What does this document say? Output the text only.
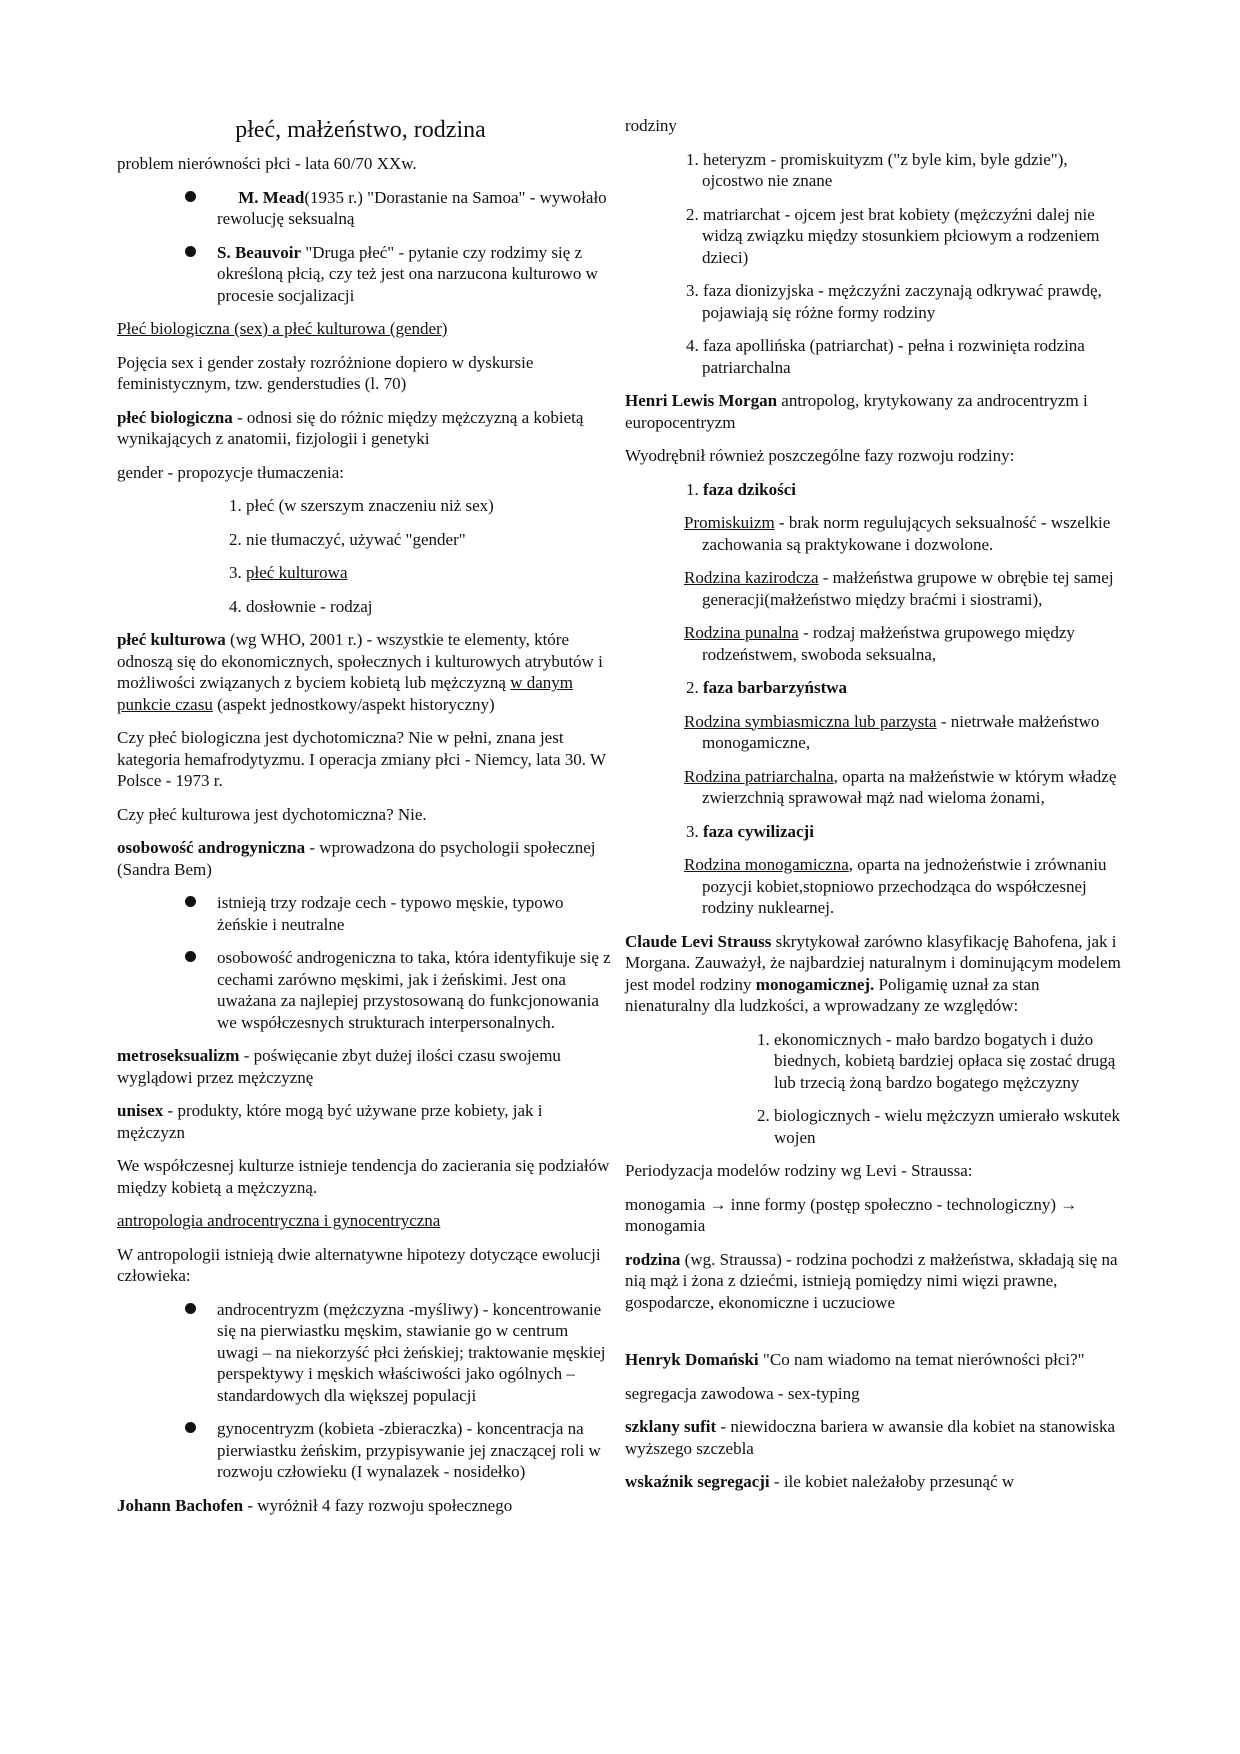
płeć, małżeństwo, rodzina

problem nierówności płci - lata 60/70 XXw.

M. Mead(1935 r.) "Dorastanie na Samoa" - wywołało rewolucję seksualną
S. Beauvoir "Druga płeć" - pytanie czy rodzimy się z określoną płcią, czy też jest ona narzucona kulturowo w procesie socjalizacji

Płeć biologiczna (sex) a płeć kulturowa (gender)

Pojęcia sex i gender zostały rozróżnione dopiero w dyskursie feministycznym, tzw. genderstudies (l. 70)

płeć biologiczna - odnosi się do różnic między mężczyzną a kobietą wynikających z anatomii, fizjologii i genetyki

gender - propozycje tłumaczenia:

1. płeć (w szerszym znaczeniu niż sex)

2. nie tłumaczyć, używać "gender"

3. płeć kulturowa

4. dosłownie - rodzaj

płeć kulturowa (wg WHO, 2001 r.) - wszystkie te elementy, które odnoszą się do ekonomicznych, społecznych i kulturowych atrybutów i możliwości związanych z byciem kobietą lub mężczyzną w danym punkcie czasu (aspekt jednostkowy/aspekt historyczny)

Czy płeć biologiczna jest dychotomiczna? Nie w pełni, znana jest kategoria hemafrodytyzmu. I operacja zmiany płci - Niemcy, lata 30. W Polsce - 1973 r.

Czy płeć kulturowa jest dychotomiczna? Nie.

osobowość androgyniczna - wprowadzona do psychologii społecznej (Sandra Bem)

istnieją trzy rodzaje cech - typowo męskie, typowo żeńskie i neutralne
osobowość androgeniczna to taka, która identyfikuje się z cechami zarówno męskimi, jak i żeńskimi. Jest ona uważana za najlepiej przystosowaną do funkcjonowania we współczesnych strukturach interpersonalnych.

metroseksualizm - poświęcanie zbyt dużej ilości czasu swojemu wyglądowi przez mężczyznę

unisex - produkty, które mogą być używane prze kobiety, jak i mężczyzn

We współczesnej kulturze istnieje tendencja do zacierania się podziałów między kobietą a mężczyzną.

antropologia androcentryczna i gynocentryczna

W antropologii istnieją dwie alternatywne hipotezy dotyczące ewolucji człowieka:

androcentryzm (mężczyzna -myśliwy) - koncentrowanie się na pierwiastku męskim, stawianie go w centrum uwagi – na niekorzyść płci żeńskiej; traktowanie męskiej perspektywy i męskich właściwości jako ogólnych – standardowych dla większej populacji
gynocentryzm (kobieta -zbieraczka) - koncentracja na pierwiastku żeńskim, przypisywanie jej znaczącej roli w rozwoju człowieku (I wynalazek - nosidełko)

Johann Bachofen - wyróżnił 4 fazy rozwoju społecznego

rodziny

1. heteryzm - promiskuityzm ("z byle kim, byle gdzie"), ojcostwo nie znane

2. matriarchat - ojcem jest brat kobiety (mężczyźni dalej nie widzą związku między stosunkiem płciowym a rodzeniem dzieci)

3. faza dionizyjska - mężczyźni zaczynają odkrywać prawdę, pojawiają się różne formy rodziny

4. faza apollińska (patriarchat) - pełna i rozwinięta rodzina patriarchalna

Henri Lewis Morgan antropolog, krytykowany za androcentryzm i europocentryzm

Wyodrębnił również poszczególne fazy rozwoju rodziny:

1. faza dzikości

Promiskuizm - brak norm regulujących seksualność - wszelkie zachowania są praktykowane i dozwolone.

Rodzina kazirodcza - małżeństwa grupowe w obrębie tej samej generacji(małżeństwo między braćmi i siostrami),

Rodzina punalna - rodzaj małżeństwa grupowego między rodzeństwem, swoboda seksualna,

2. faza barbarzyństwa

Rodzina symbiasmiczna lub parzysta - nietrwałe małżeństwo monogamiczne,

Rodzina patriarchalna, oparta na małżeństwie w którym władzę zwierzchnią sprawował mąż nad wieloma żonami,

3. faza cywilizacji

Rodzina monogamiczna, oparta na jednożeństwie i zrównaniu pozycji kobiet,stopniowo przechodząca do współczesnej rodziny nuklearnej.

Claude Levi Strauss skrytykował zarówno klasyfikację Bahofena, jak i Morgana. Zauważył, że najbardziej naturalnym i dominującym modelem jest model rodziny monogamicznej. Poligamię uznał za stan nienaturalny dla ludzkości, a wprowadzany ze względów:

1. ekonomicznych - mało bardzo bogatych i dużo biednych, kobietą bardziej opłaca się zostać drugą lub trzecią żoną bardzo bogatego mężczyzny

2. biologicznych - wielu mężczyzn umierało wskutek wojen

Periodyzacja modelów rodziny wg Levi - Straussa:

monogamia → inne formy (postęp społeczno - technologiczny) → monogamia

rodzina (wg. Straussa) - rodzina pochodzi z małżeństwa, składają się na nią mąż i żona z dziećmi, istnieją pomiędzy nimi więzi prawne, gospodarcze, ekonomiczne i uczuciowe

Henryk Domański "Co nam wiadomo na temat nierówności płci?"

segregacja zawodowa - sex-typing

szklany sufit - niewidoczna bariera w awansie dla kobiet na stanowiska wyższego szczebla

wskaźnik segregacji - ile kobiet należałoby przesunąć w
